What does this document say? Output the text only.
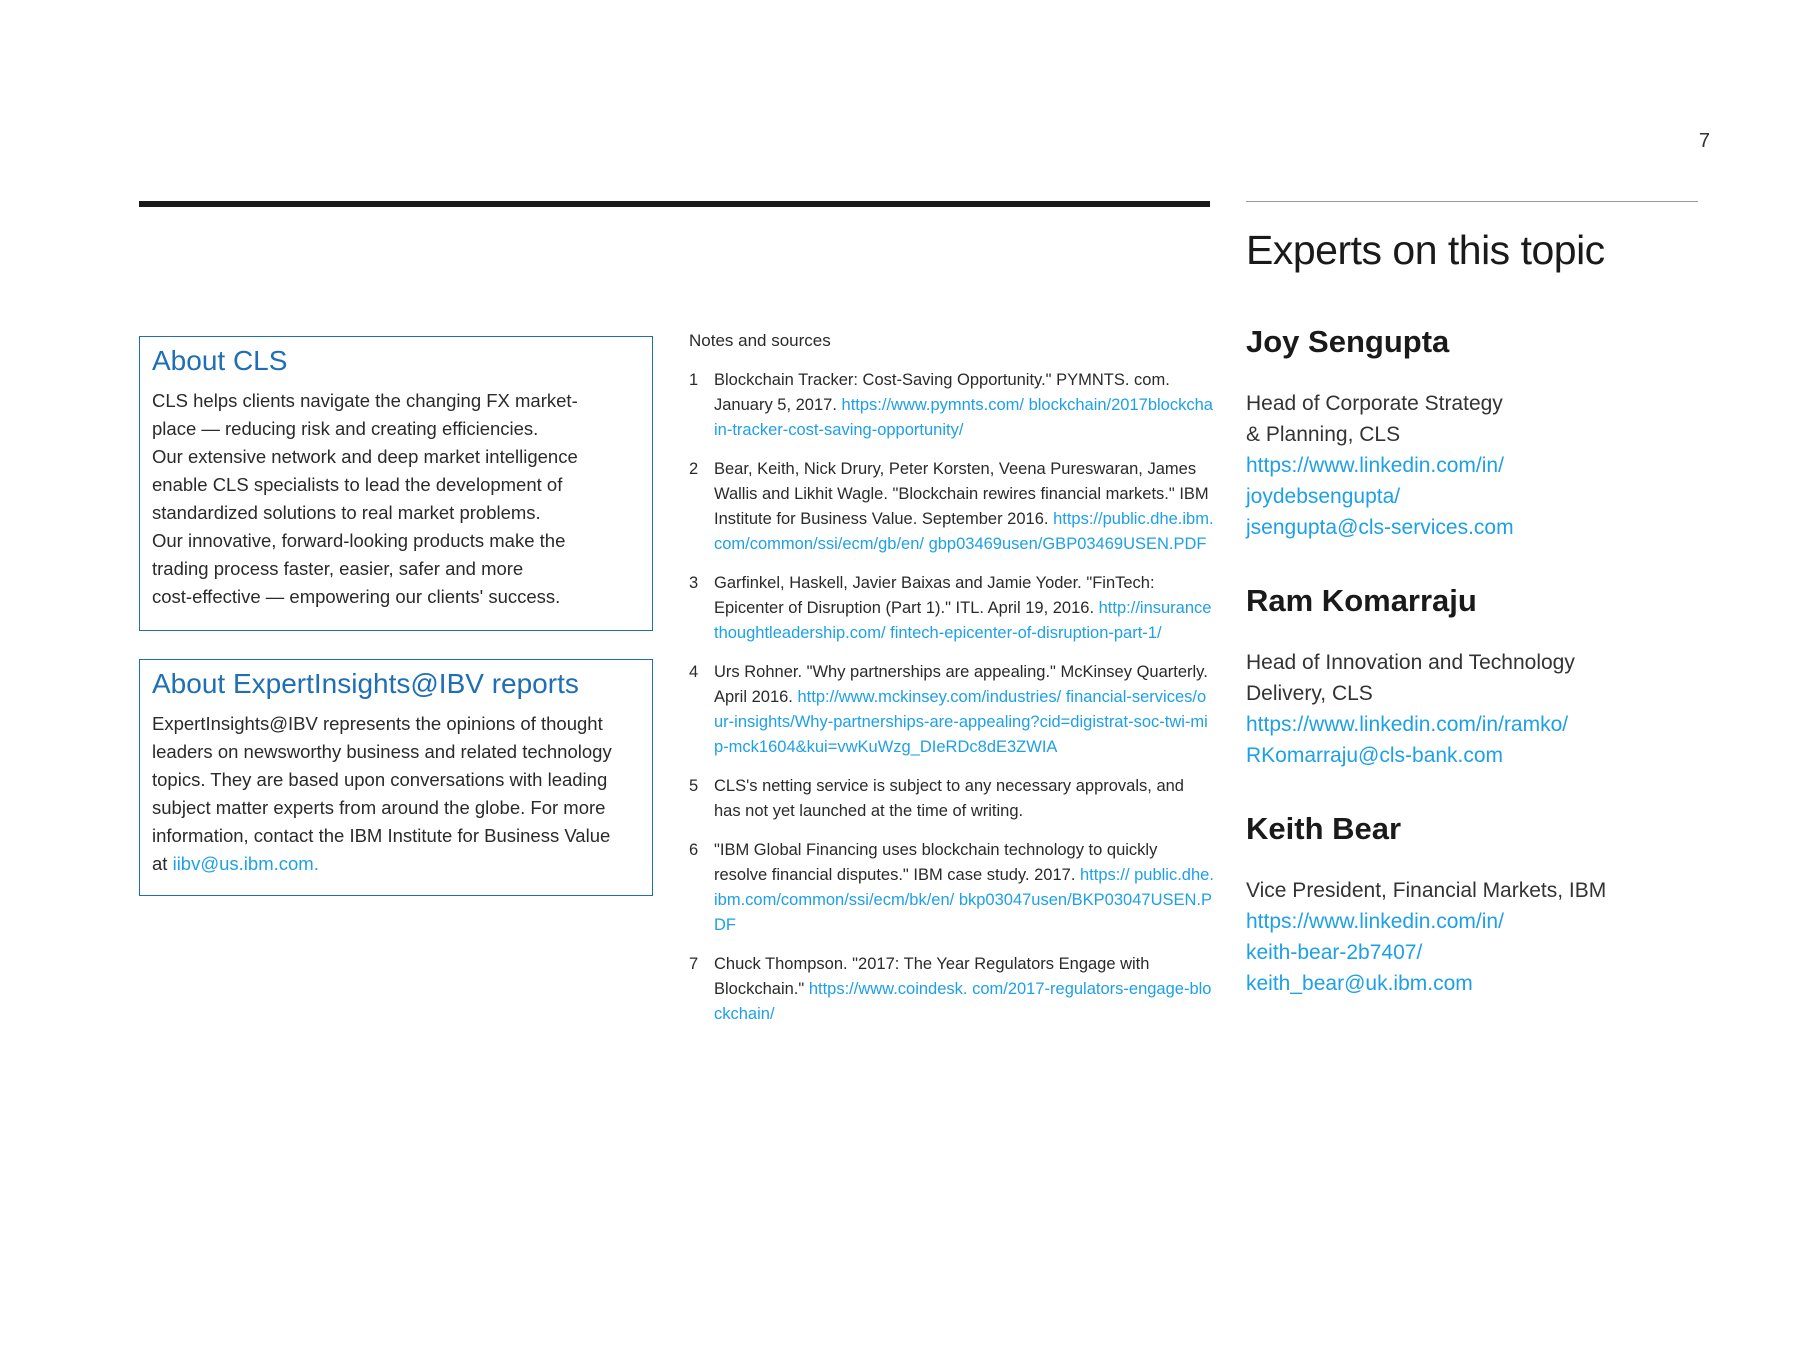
7
About CLS

CLS helps clients navigate the changing FX market-
place — reducing risk and creating efficiencies.
Our extensive network and deep market intelligence
enable CLS specialists to lead the development of
standardized solutions to real market problems.
Our innovative, forward-looking products make the
trading process faster, easier, safer and more
cost-effective — empowering our clients' success.

About ExpertInsights@IBV reports

ExpertInsights@IBV represents the opinions of thought
leaders on newsworthy business and related technology
topics. They are based upon conversations with leading
subject matter experts from around the globe. For more
information, contact the IBM Institute for Business Value
at iibv@us.ibm.com.

Notes and sources
1 Blockchain Tracker: Cost-Saving Opportunity." PYMNTS. com. January 5, 2017. https://www.pymnts.com/ blockchain/2017blockchain-tracker-cost-saving-opportunity/
2 Bear, Keith, Nick Drury, Peter Korsten, Veena Pureswaran, James Wallis and Likhit Wagle. "Blockchain rewires financial markets." IBM Institute for Business Value. September 2016. https://public.dhe.ibm.com/common/ssi/ecm/gb/en/ gbp03469usen/GBP03469USEN.PDF
3 Garfinkel, Haskell, Javier Baixas and Jamie Yoder. "FinTech: Epicenter of Disruption (Part 1)." ITL. April 19, 2016. http://insurancethoughtleadership.com/ fintech-epicenter-of-disruption-part-1/
4 Urs Rohner. "Why partnerships are appealing." McKinsey Quarterly. April 2016. http://www.mckinsey.com/industries/ financial-services/our-insights/Why-partnerships-are-appealing?cid=digistrat-soc-twi-mip-mck1604&kui=vwKuWzg_DIeRDc8dE3ZWIA
5 CLS's netting service is subject to any necessary approvals, and has not yet launched at the time of writing.
6 "IBM Global Financing uses blockchain technology to quickly resolve financial disputes." IBM case study. 2017. https:// public.dhe.ibm.com/common/ssi/ecm/bk/en/ bkp03047usen/BKP03047USEN.PDF
7 Chuck Thompson. "2017: The Year Regulators Engage with Blockchain." https://www.coindesk. com/2017-regulators-engage-blockchain/
Experts on this topic
Joy Sengupta
Head of Corporate Strategy
& Planning, CLS
https://www.linkedin.com/in/
joydebsengupta/
jsengupta@cls-services.com
Ram Komarraju
Head of Innovation and Technology
Delivery, CLS
https://www.linkedin.com/in/ramko/
RKomarraju@cls-bank.com
Keith Bear
Vice President, Financial Markets, IBM
https://www.linkedin.com/in/
keith-bear-2b7407/
keith_bear@uk.ibm.com
